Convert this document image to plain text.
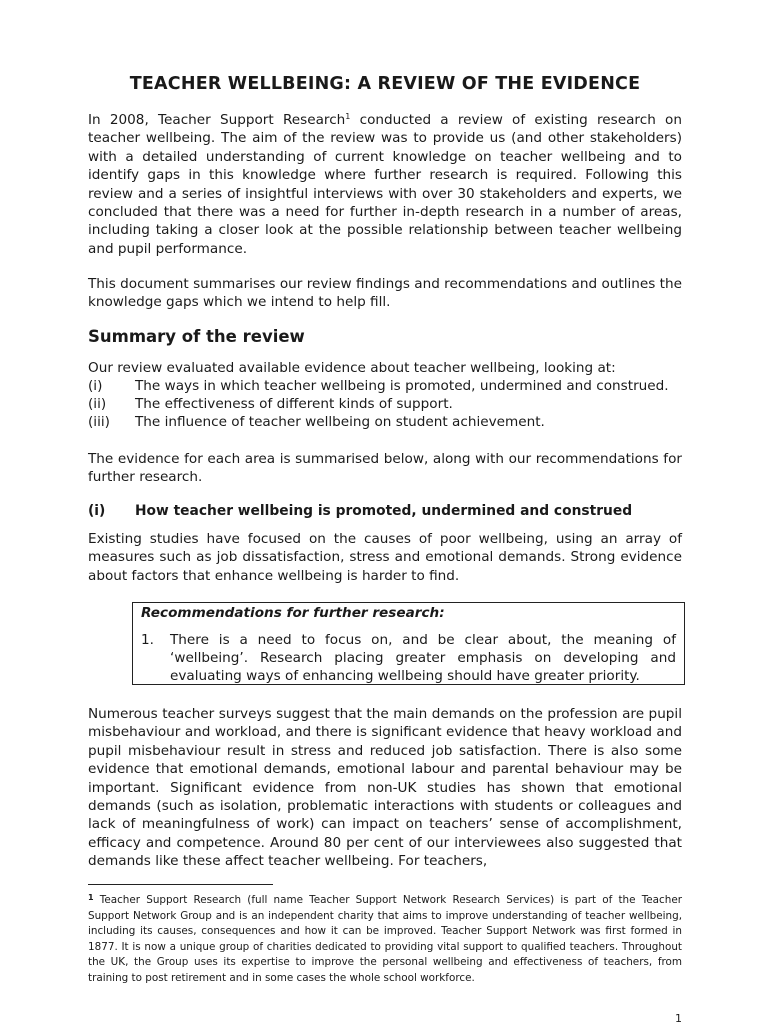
TEACHER WELLBEING: A REVIEW OF THE EVIDENCE

In 2008, Teacher Support Research$^1$ conducted a review of existing research on teacher wellbeing. The aim of the review was to provide us (and other stakeholders) with a detailed understanding of current knowledge on teacher wellbeing and to identify gaps in this knowledge where further research is required. Following this review and a series of insightful interviews with over 30 stakeholders and experts, we concluded that there was a need for further in-depth research in a number of areas, including taking a closer look at the possible relationship between teacher wellbeing and pupil performance.

This document summarises our review findings and recommendations and outlines the knowledge gaps which we intend to help fill.

Summary of the review

Our review evaluated available evidence about teacher wellbeing, looking at:

(i)	The ways in which teacher wellbeing is promoted, undermined and construed.
(ii)	The effectiveness of different kinds of support.
(iii)	The influence of teacher wellbeing on student achievement.

The evidence for each area is summarised below, along with our recommendations for further research.

(i)	How teacher wellbeing is promoted, undermined and construed

Existing studies have focused on the causes of poor wellbeing, using an array of measures such as job dissatisfaction, stress and emotional demands. Strong evidence about factors that enhance wellbeing is harder to find.

Recommendations for further research:

1.	There is a need to focus on, and be clear about, the meaning of ‘wellbeing’. Research placing greater emphasis on developing and evaluating ways of enhancing wellbeing should have greater priority.

Numerous teacher surveys suggest that the main demands on the profession are pupil misbehaviour and workload, and there is significant evidence that heavy workload and pupil misbehaviour result in stress and reduced job satisfaction. There is also some evidence that emotional demands, emotional labour and parental behaviour may be important. Significant evidence from non-UK studies has shown that emotional demands (such as isolation, problematic interactions with students or colleagues and lack of meaningfulness of work) can impact on teachers’ sense of accomplishment, efficacy and competence. Around 80 per cent of our interviewees also suggested that demands like these affect teacher wellbeing. For teachers,

$^1$ Teacher Support Research (full name Teacher Support Network Research Services) is part of the Teacher Support Network Group and is an independent charity that aims to improve understanding of teacher wellbeing, including its causes, consequences and how it can be improved. Teacher Support Network was first formed in 1877. It is now a unique group of charities dedicated to providing vital support to qualified teachers. Throughout the UK, the Group uses its expertise to improve the personal wellbeing and effectiveness of teachers, from training to post retirement and in some cases the whole school workforce.

1
